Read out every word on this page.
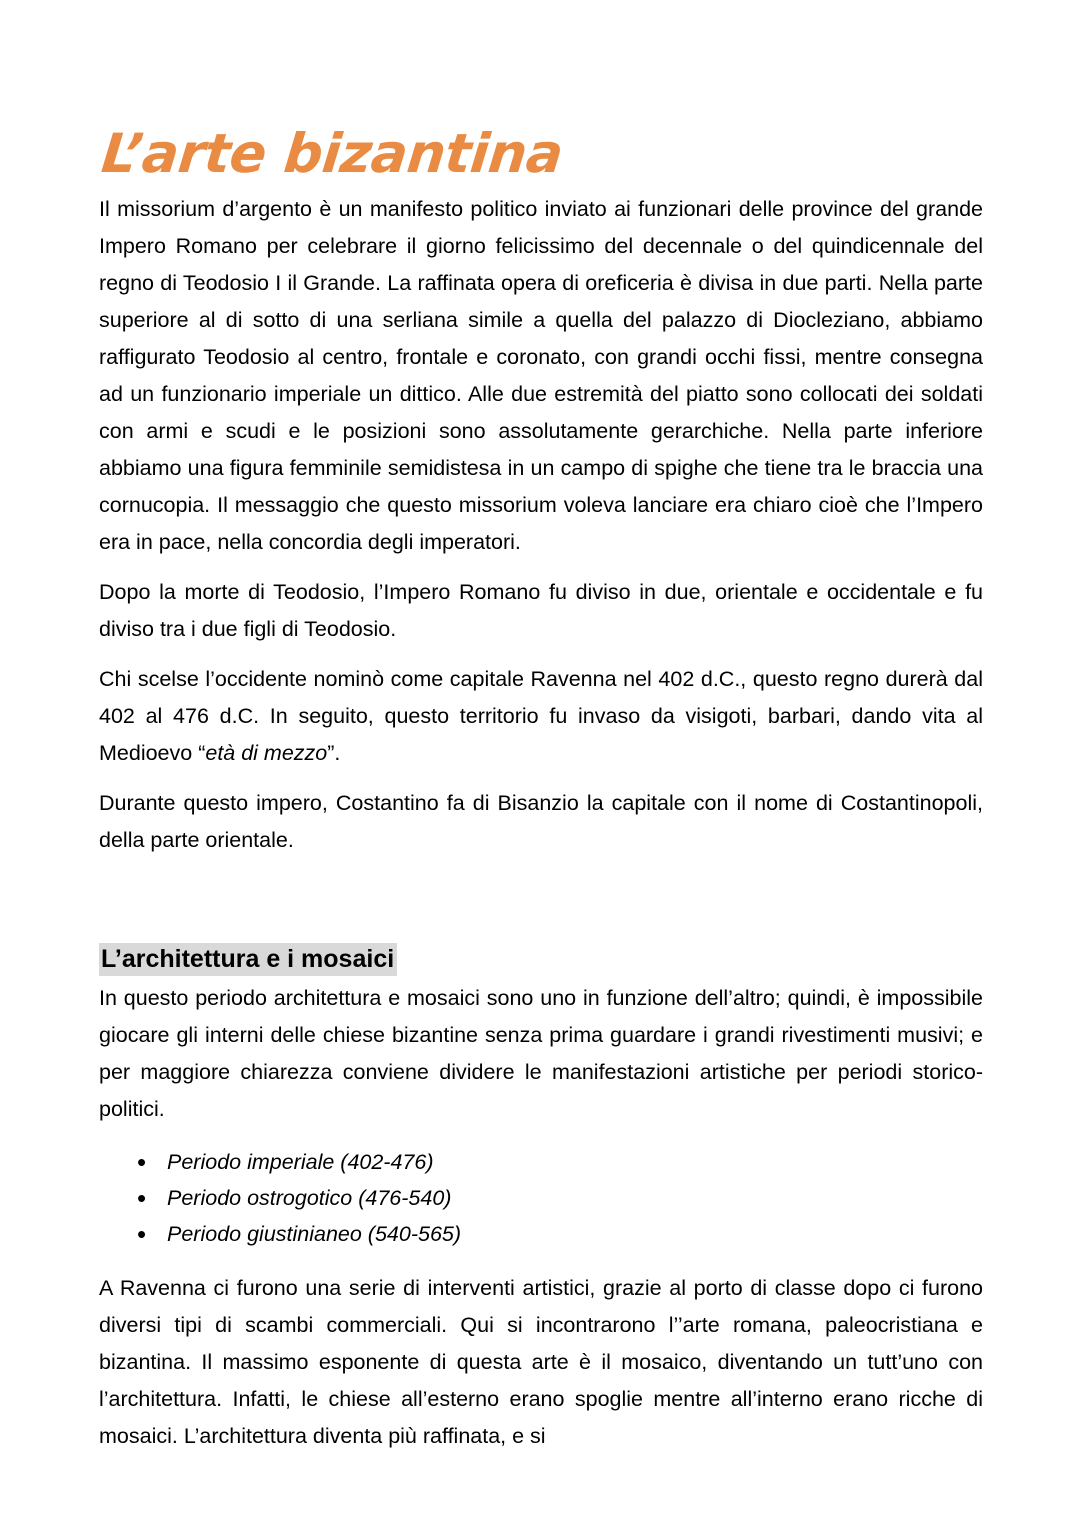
L’arte bizantina

Il missorium d’argento è un manifesto politico inviato ai funzionari delle province del grande Impero Romano per celebrare il giorno felicissimo del decennale o del quindicennale del regno di Teodosio I il Grande. La raffinata opera di oreficeria è divisa in due parti. Nella parte superiore al di sotto di una serliana simile a quella del palazzo di Diocleziano, abbiamo raffigurato Teodosio al centro, frontale e coronato, con grandi occhi fissi, mentre consegna ad un funzionario imperiale un dittico. Alle due estremità del piatto sono collocati dei soldati con armi e scudi e le posizioni sono assolutamente gerarchiche. Nella parte inferiore abbiamo una figura femminile semidistesa in un campo di spighe che tiene tra le braccia una cornucopia. Il messaggio che questo missorium voleva lanciare era chiaro cioè che l’Impero era in pace, nella concordia degli imperatori.

Dopo la morte di Teodosio, l’Impero Romano fu diviso in due, orientale e occidentale e fu diviso tra i due figli di Teodosio.

Chi scelse l’occidente nominò come capitale Ravenna nel 402 d.C., questo regno durerà dal 402 al 476 d.C. In seguito, questo territorio fu invaso da visigoti, barbari, dando vita al Medioevo “età di mezzo”.

Durante questo impero, Costantino fa di Bisanzio la capitale con il nome di Costantinopoli, della parte orientale.

L’architettura e i mosaici

In questo periodo architettura e mosaici sono uno in funzione dell’altro; quindi, è impossibile giocare gli interni delle chiese bizantine senza prima guardare i grandi rivestimenti musivi; e per maggiore chiarezza conviene dividere le manifestazioni artistiche per periodi storico-politici.

• Periodo imperiale (402-476)
• Periodo ostrogotico (476-540)
• Periodo giustinianeo (540-565)

A Ravenna ci furono una serie di interventi artistici, grazie al porto di classe dopo ci furono diversi tipi di scambi commerciali. Qui si incontrarono l’’arte romana, paleocristiana e bizantina. Il massimo esponente di questa arte è il mosaico, diventando un tutt’uno con l’architettura. Infatti, le chiese all’esterno erano spoglie mentre all’interno erano ricche di mosaici. L’architettura diventa più raffinata, e si
